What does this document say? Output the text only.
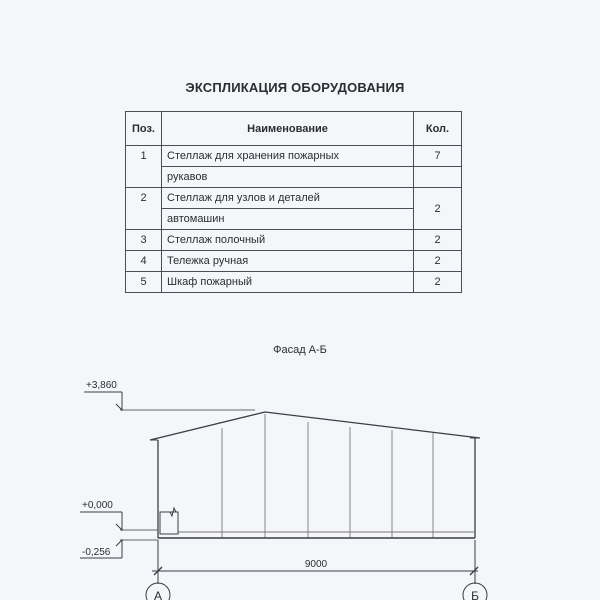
ЭКСПЛИКАЦИЯ ОБОРУДОВАНИЯ
Поз.	Наименование	Кол.
1	Стеллаж для хранения пожарных	7
	рукавов	
2	Стеллаж для узлов и деталей	2
	автомашин	
3	Стеллаж полочный	2
4	Тележка ручная	2
5	Шкаф пожарный	2
Фасад А-Б
+3,860
+0,000
-0,256
9000
А	Б
